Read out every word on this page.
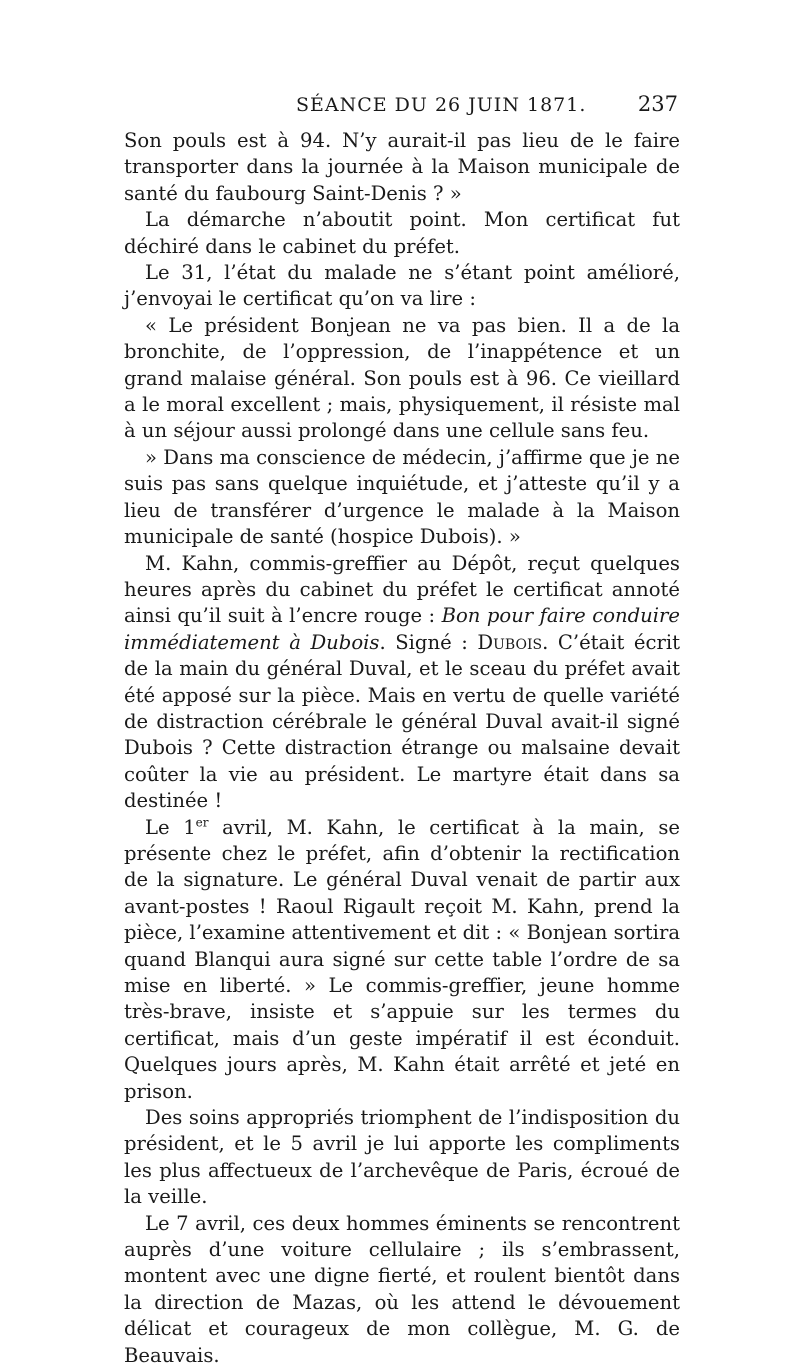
SÉANCE DU 26 JUIN 1871. 237

Son pouls est à 94. N’y aurait-il pas lieu de le faire transporter dans la journée à la Maison municipale de santé du faubourg Saint-Denis ? »

La démarche n’aboutit point. Mon certificat fut déchiré dans le cabinet du préfet.

Le 31, l’état du malade ne s’étant point amélioré, j’envoyai le certificat qu’on va lire :

« Le président Bonjean ne va pas bien. Il a de la bronchite, de l’oppression, de l’inappétence et un grand malaise général. Son pouls est à 96. Ce vieillard a le moral excellent ; mais, physiquement, il résiste mal à un séjour aussi prolongé dans une cellule sans feu.

» Dans ma conscience de médecin, j’affirme que je ne suis pas sans quelque inquiétude, et j’atteste qu’il y a lieu de transférer d’urgence le malade à la Maison municipale de santé (hospice Dubois). »

M. Kahn, commis-greffier au Dépôt, reçut quelques heures après du cabinet du préfet le certificat annoté ainsi qu’il suit à l’encre rouge : Bon pour faire conduire immédiatement à Dubois. Signé : Dubois. C’était écrit de la main du général Duval, et le sceau du préfet avait été apposé sur la pièce. Mais en vertu de quelle variété de distraction cérébrale le général Duval avait-il signé Dubois ? Cette distraction étrange ou malsaine devait coûter la vie au président. Le martyre était dans sa destinée !

Le 1er avril, M. Kahn, le certificat à la main, se présente chez le préfet, afin d’obtenir la rectification de la signature. Le général Duval venait de partir aux avant-postes ! Raoul Rigault reçoit M. Kahn, prend la pièce, l’examine attentivement et dit : « Bonjean sortira quand Blanqui aura signé sur cette table l’ordre de sa mise en liberté. » Le commis-greffier, jeune homme très-brave, insiste et s’appuie sur les termes du certificat, mais d’un geste impératif il est éconduit. Quelques jours après, M. Kahn était arrêté et jeté en prison.

Des soins appropriés triomphent de l’indisposition du président, et le 5 avril je lui apporte les compliments les plus affectueux de l’archevêque de Paris, écroué de la veille.

Le 7 avril, ces deux hommes éminents se rencontrent auprès d’une voiture cellulaire ; ils s’embrassent, montent avec une digne fierté, et roulent bientôt dans la direction de Mazas, où les attend le dévouement délicat et courageux de mon collègue, M. G. de Beauvais.
